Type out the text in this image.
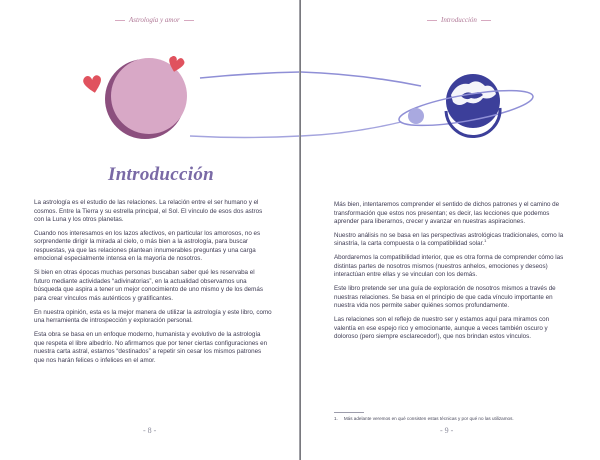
Astrología y amor
Introducción

La astrología es el estudio de las relaciones. La relación entre el ser humano y el cosmos. Entre la Tierra y su estrella principal, el Sol. El vínculo de esos dos astros con la Luna y los otros planetas.

Cuando nos interesamos en los lazos afectivos, en particular los amorosos, no es sorprendente dirigir la mirada al cielo, o más bien a la astrología, para buscar respuestas, ya que las relaciones plantean innumerables preguntas y una carga emocional especialmente intensa en la mayoría de nosotros.

Si bien en otras épocas muchas personas buscaban saber qué les reservaba el futuro mediante actividades “adivinatorias”, en la actualidad observamos una búsqueda que aspira a tener un mejor conocimiento de uno mismo y de los demás para crear vínculos más auténticos y gratificantes.

En nuestra opinión, esta es la mejor manera de utilizar la astrología y este libro, como una herramienta de introspección y exploración personal.

Esta obra se basa en un enfoque moderno, humanista y evolutivo de la astrología que respeta el libre albedrío. No afirmamos que por tener ciertas configuraciones en nuestra carta astral, estamos “destinados” a repetir sin cesar los mismos patrones que nos harán felices o infelices en el amor.

- 8 -
Introducción

Más bien, intentaremos comprender el sentido de dichos patrones y el camino de transformación que estos nos presentan; es decir, las lecciones que podemos aprender para liberarnos, crecer y avanzar en nuestras aspiraciones.

Nuestro análisis no se basa en las perspectivas astrológicas tradicionales, como la sinastría, la carta compuesta o la compatibilidad solar.$^1$

Abordaremos la compatibilidad interior, que es otra forma de comprender cómo las distintas partes de nosotros mismos (nuestros anhelos, emociones y deseos) interactúan entre ellas y se vinculan con los demás.

Este libro pretende ser una guía de exploración de nosotros mismos a través de nuestras relaciones. Se basa en el principio de que cada vínculo importante en nuestra vida nos permite saber quiénes somos profundamente.

Las relaciones son el reflejo de nuestro ser y estamos aquí para miramos con valentía en ese espejo rico y emocionante, aunque a veces también oscuro y doloroso (pero siempre esclarecedor!), que nos brindan estos vínculos.

1. Más adelante veremos en qué consisten estas técnicas y por qué no las utilizamos.
- 9 -
